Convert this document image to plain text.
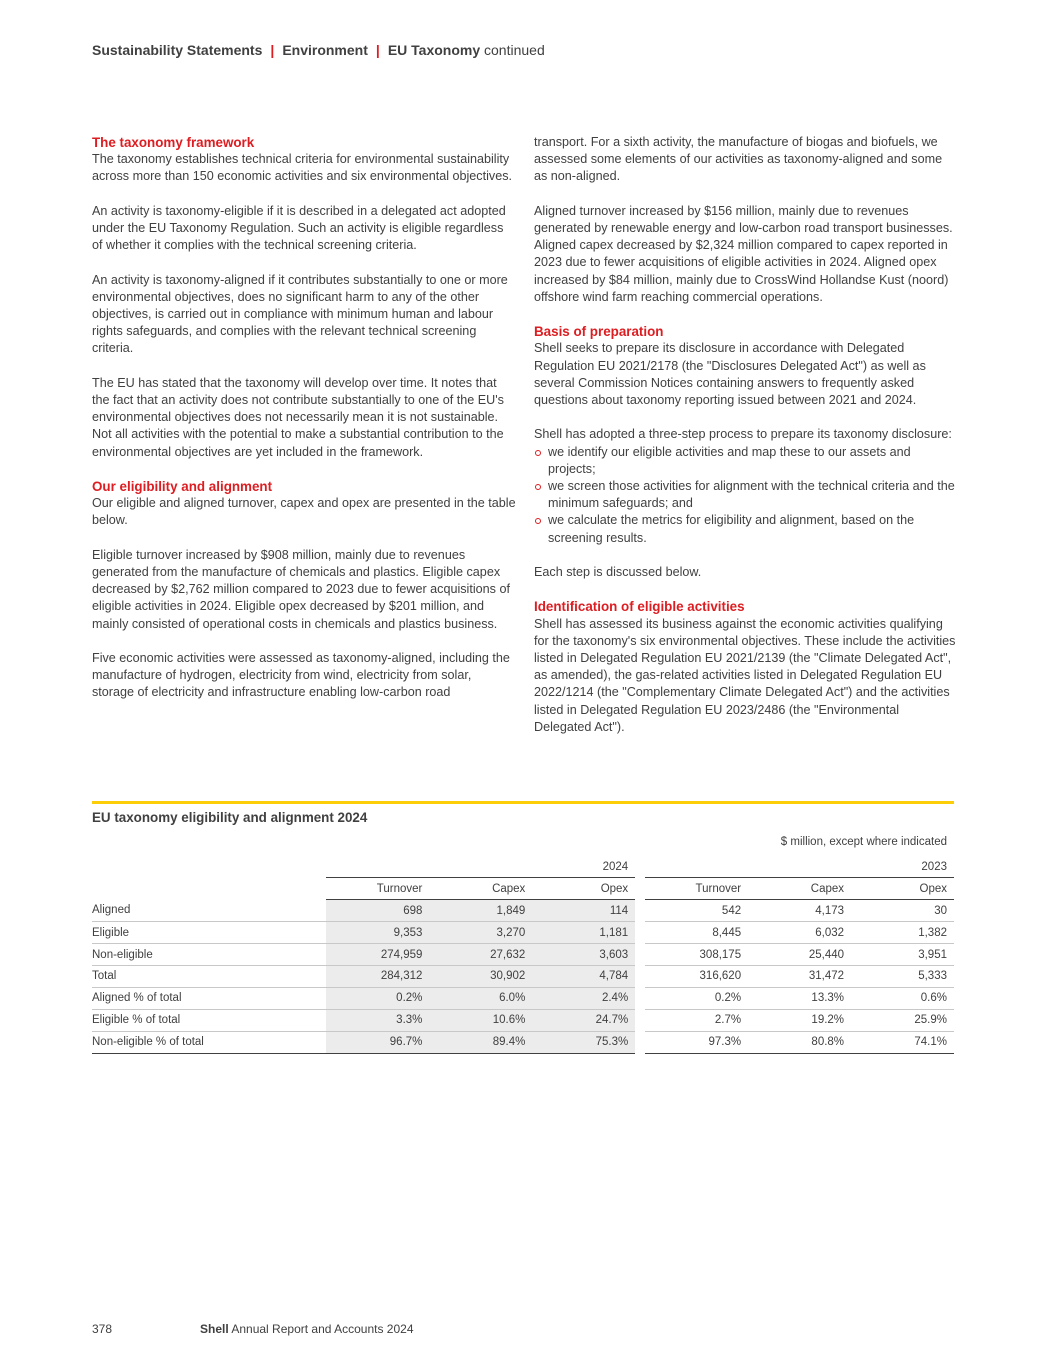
Sustainability Statements | Environment | EU Taxonomy continued
The taxonomy framework

The taxonomy establishes technical criteria for environmental sustainability across more than 150 economic activities and six environmental objectives.

An activity is taxonomy-eligible if it is described in a delegated act adopted under the EU Taxonomy Regulation. Such an activity is eligible regardless of whether it complies with the technical screening criteria.

An activity is taxonomy-aligned if it contributes substantially to one or more environmental objectives, does no significant harm to any of the other objectives, is carried out in compliance with minimum human and labour rights safeguards, and complies with the relevant technical screening criteria.

The EU has stated that the taxonomy will develop over time. It notes that the fact that an activity does not contribute substantially to one of the EU's environmental objectives does not necessarily mean it is not sustainable. Not all activities with the potential to make a substantial contribution to the environmental objectives are yet included in the framework.

Our eligibility and alignment

Our eligible and aligned turnover, capex and opex are presented in the table below.

Eligible turnover increased by $908 million, mainly due to revenues generated from the manufacture of chemicals and plastics. Eligible capex decreased by $2,762 million compared to 2023 due to fewer acquisitions of eligible activities in 2024. Eligible opex decreased by $201 million, and mainly consisted of operational costs in chemicals and plastics business.

Five economic activities were assessed as taxonomy-aligned, including the manufacture of hydrogen, electricity from wind, electricity from solar, storage of electricity and infrastructure enabling low-carbon road

transport. For a sixth activity, the manufacture of biogas and biofuels, we assessed some elements of our activities as taxonomy-aligned and some as non-aligned.

Aligned turnover increased by $156 million, mainly due to revenues generated by renewable energy and low-carbon road transport businesses. Aligned capex decreased by $2,324 million compared to capex reported in 2023 due to fewer acquisitions of eligible activities in 2024. Aligned opex increased by $84 million, mainly due to CrossWind Hollandse Kust (noord) offshore wind farm reaching commercial operations.

Basis of preparation

Shell seeks to prepare its disclosure in accordance with Delegated Regulation EU 2021/2178 (the "Disclosures Delegated Act") as well as several Commission Notices containing answers to frequently asked questions about taxonomy reporting issued between 2021 and 2024.

Shell has adopted a three-step process to prepare its taxonomy disclosure:

we identify our eligible activities and map these to our assets and projects;
we screen those activities for alignment with the technical criteria and the minimum safeguards; and
we calculate the metrics for eligibility and alignment, based on the screening results.

Each step is discussed below.

Identification of eligible activities

Shell has assessed its business against the economic activities qualifying for the taxonomy's six environmental objectives. These include the activities listed in Delegated Regulation EU 2021/2139 (the "Climate Delegated Act", as amended), the gas-related activities listed in Delegated Regulation EU 2022/1214 (the "Complementary Climate Delegated Act") and the activities listed in Delegated Regulation EU 2023/2486 (the "Environmental Delegated Act").

EU taxonomy eligibility and alignment 2024
$ million, except where indicated
	2024				2023		
	Turnover	Capex	Opex		Turnover	Capex	Opex
Aligned	698	1,849	114		542	4,173	30
Eligible	9,353	3,270	1,181		8,445	6,032	1,382
Non-eligible	274,959	27,632	3,603		308,175	25,440	3,951
Total	284,312	30,902	4,784		316,620	31,472	5,333
Aligned % of total	0.2%	6.0%	2.4%		0.2%	13.3%	0.6%
Eligible % of total	3.3%	10.6%	24.7%		2.7%	19.2%	25.9%
Non-eligible % of total	96.7%	89.4%	75.3%		97.3%	80.8%	74.1%
378	Shell Annual Report and Accounts 2024
